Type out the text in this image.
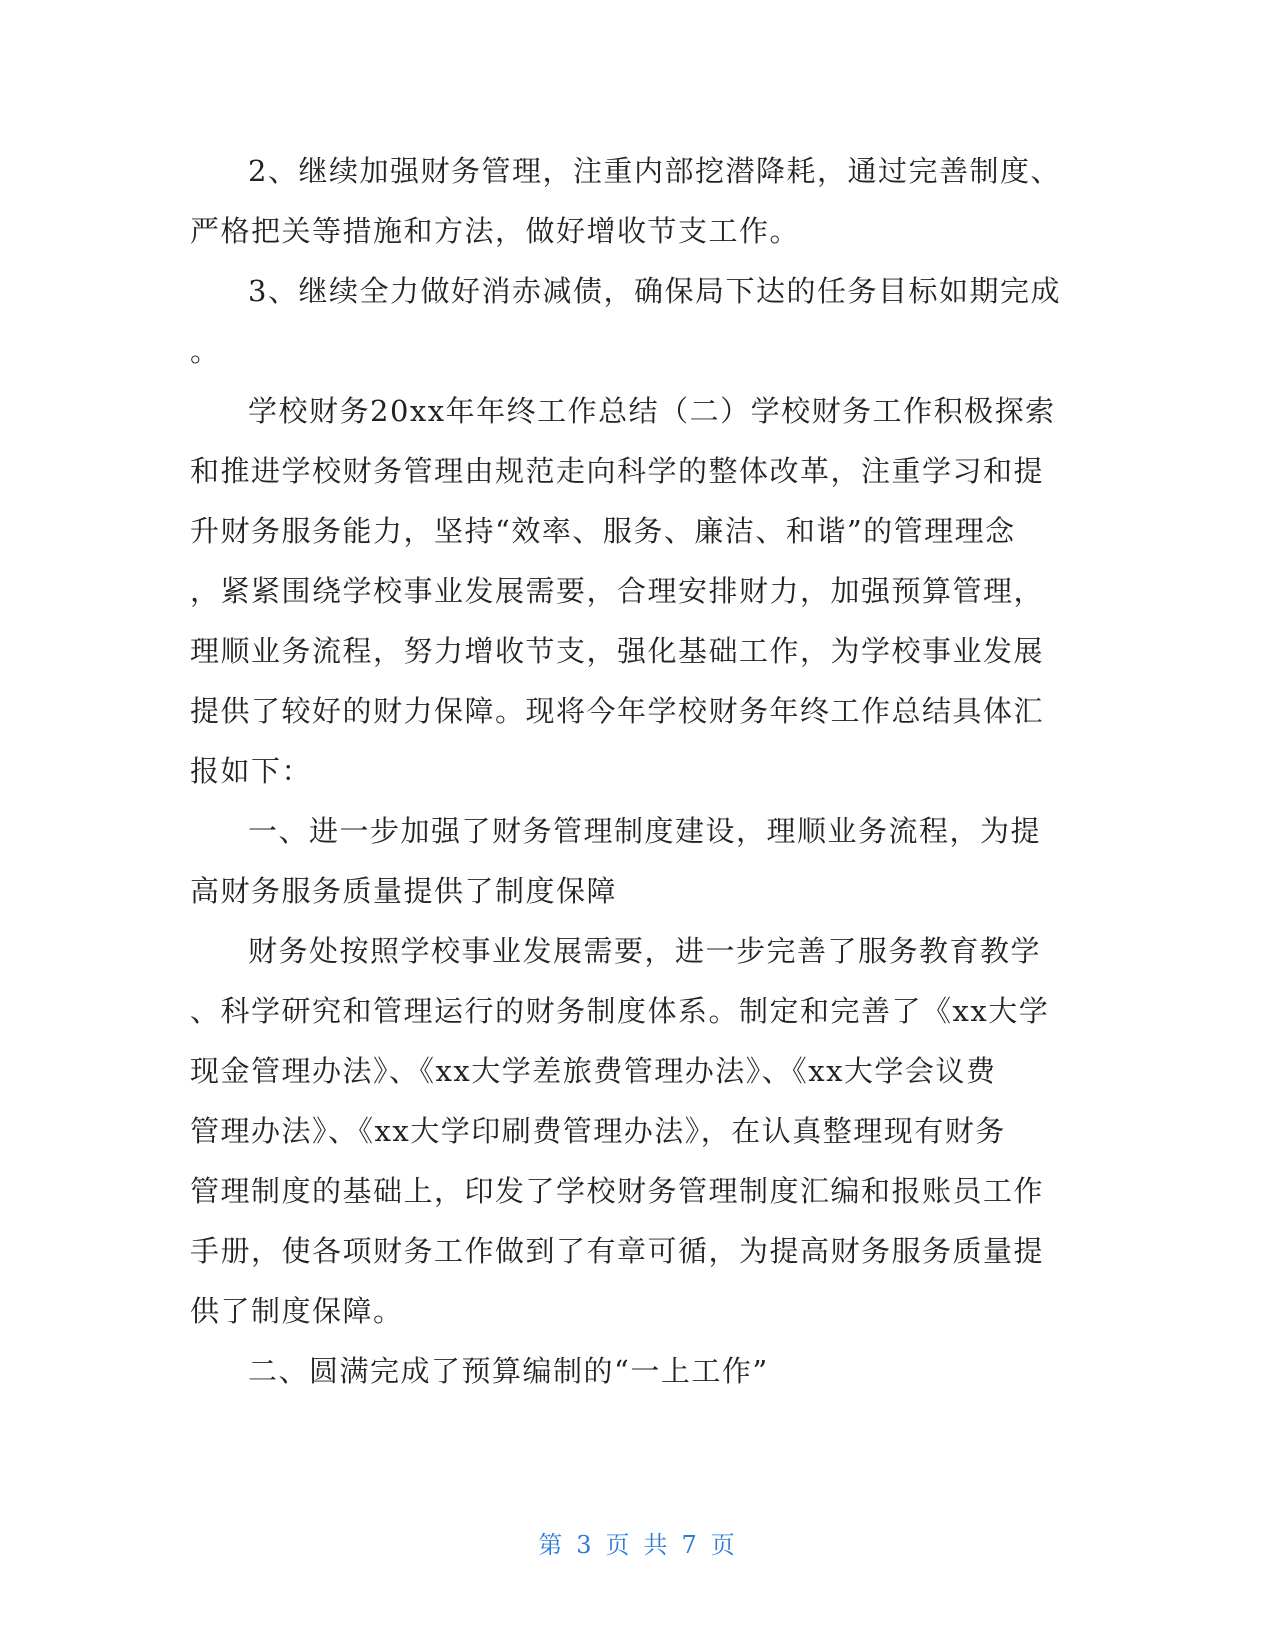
2、继续加强财务管理，注重内部挖潜降耗，通过完善制度、
严格把关等措施和方法，做好增收节支工作。
3、继续全力做好消赤减债，确保局下达的任务目标如期完成
。
学校财务20xx年年终工作总结（二）学校财务工作积极探索
和推进学校财务管理由规范走向科学的整体改革，注重学习和提
升财务服务能力，坚持“效率、服务、廉洁、和谐”的管理理念
，紧紧围绕学校事业发展需要，合理安排财力，加强预算管理，
理顺业务流程，努力增收节支，强化基础工作，为学校事业发展
提供了较好的财力保障。现将今年学校财务年终工作总结具体汇
报如下：
一、进一步加强了财务管理制度建设，理顺业务流程，为提
高财务服务质量提供了制度保障
财务处按照学校事业发展需要，进一步完善了服务教育教学
、科学研究和管理运行的财务制度体系。制定和完善了《xx大学
现金管理办法》、《xx大学差旅费管理办法》、《xx大学会议费
管理办法》、《xx大学印刷费管理办法》，在认真整理现有财务
管理制度的基础上，印发了学校财务管理制度汇编和报账员工作
手册，使各项财务工作做到了有章可循，为提高财务服务质量提
供了制度保障。
二、圆满完成了预算编制的“一上工作”
第 3 页 共 7 页
